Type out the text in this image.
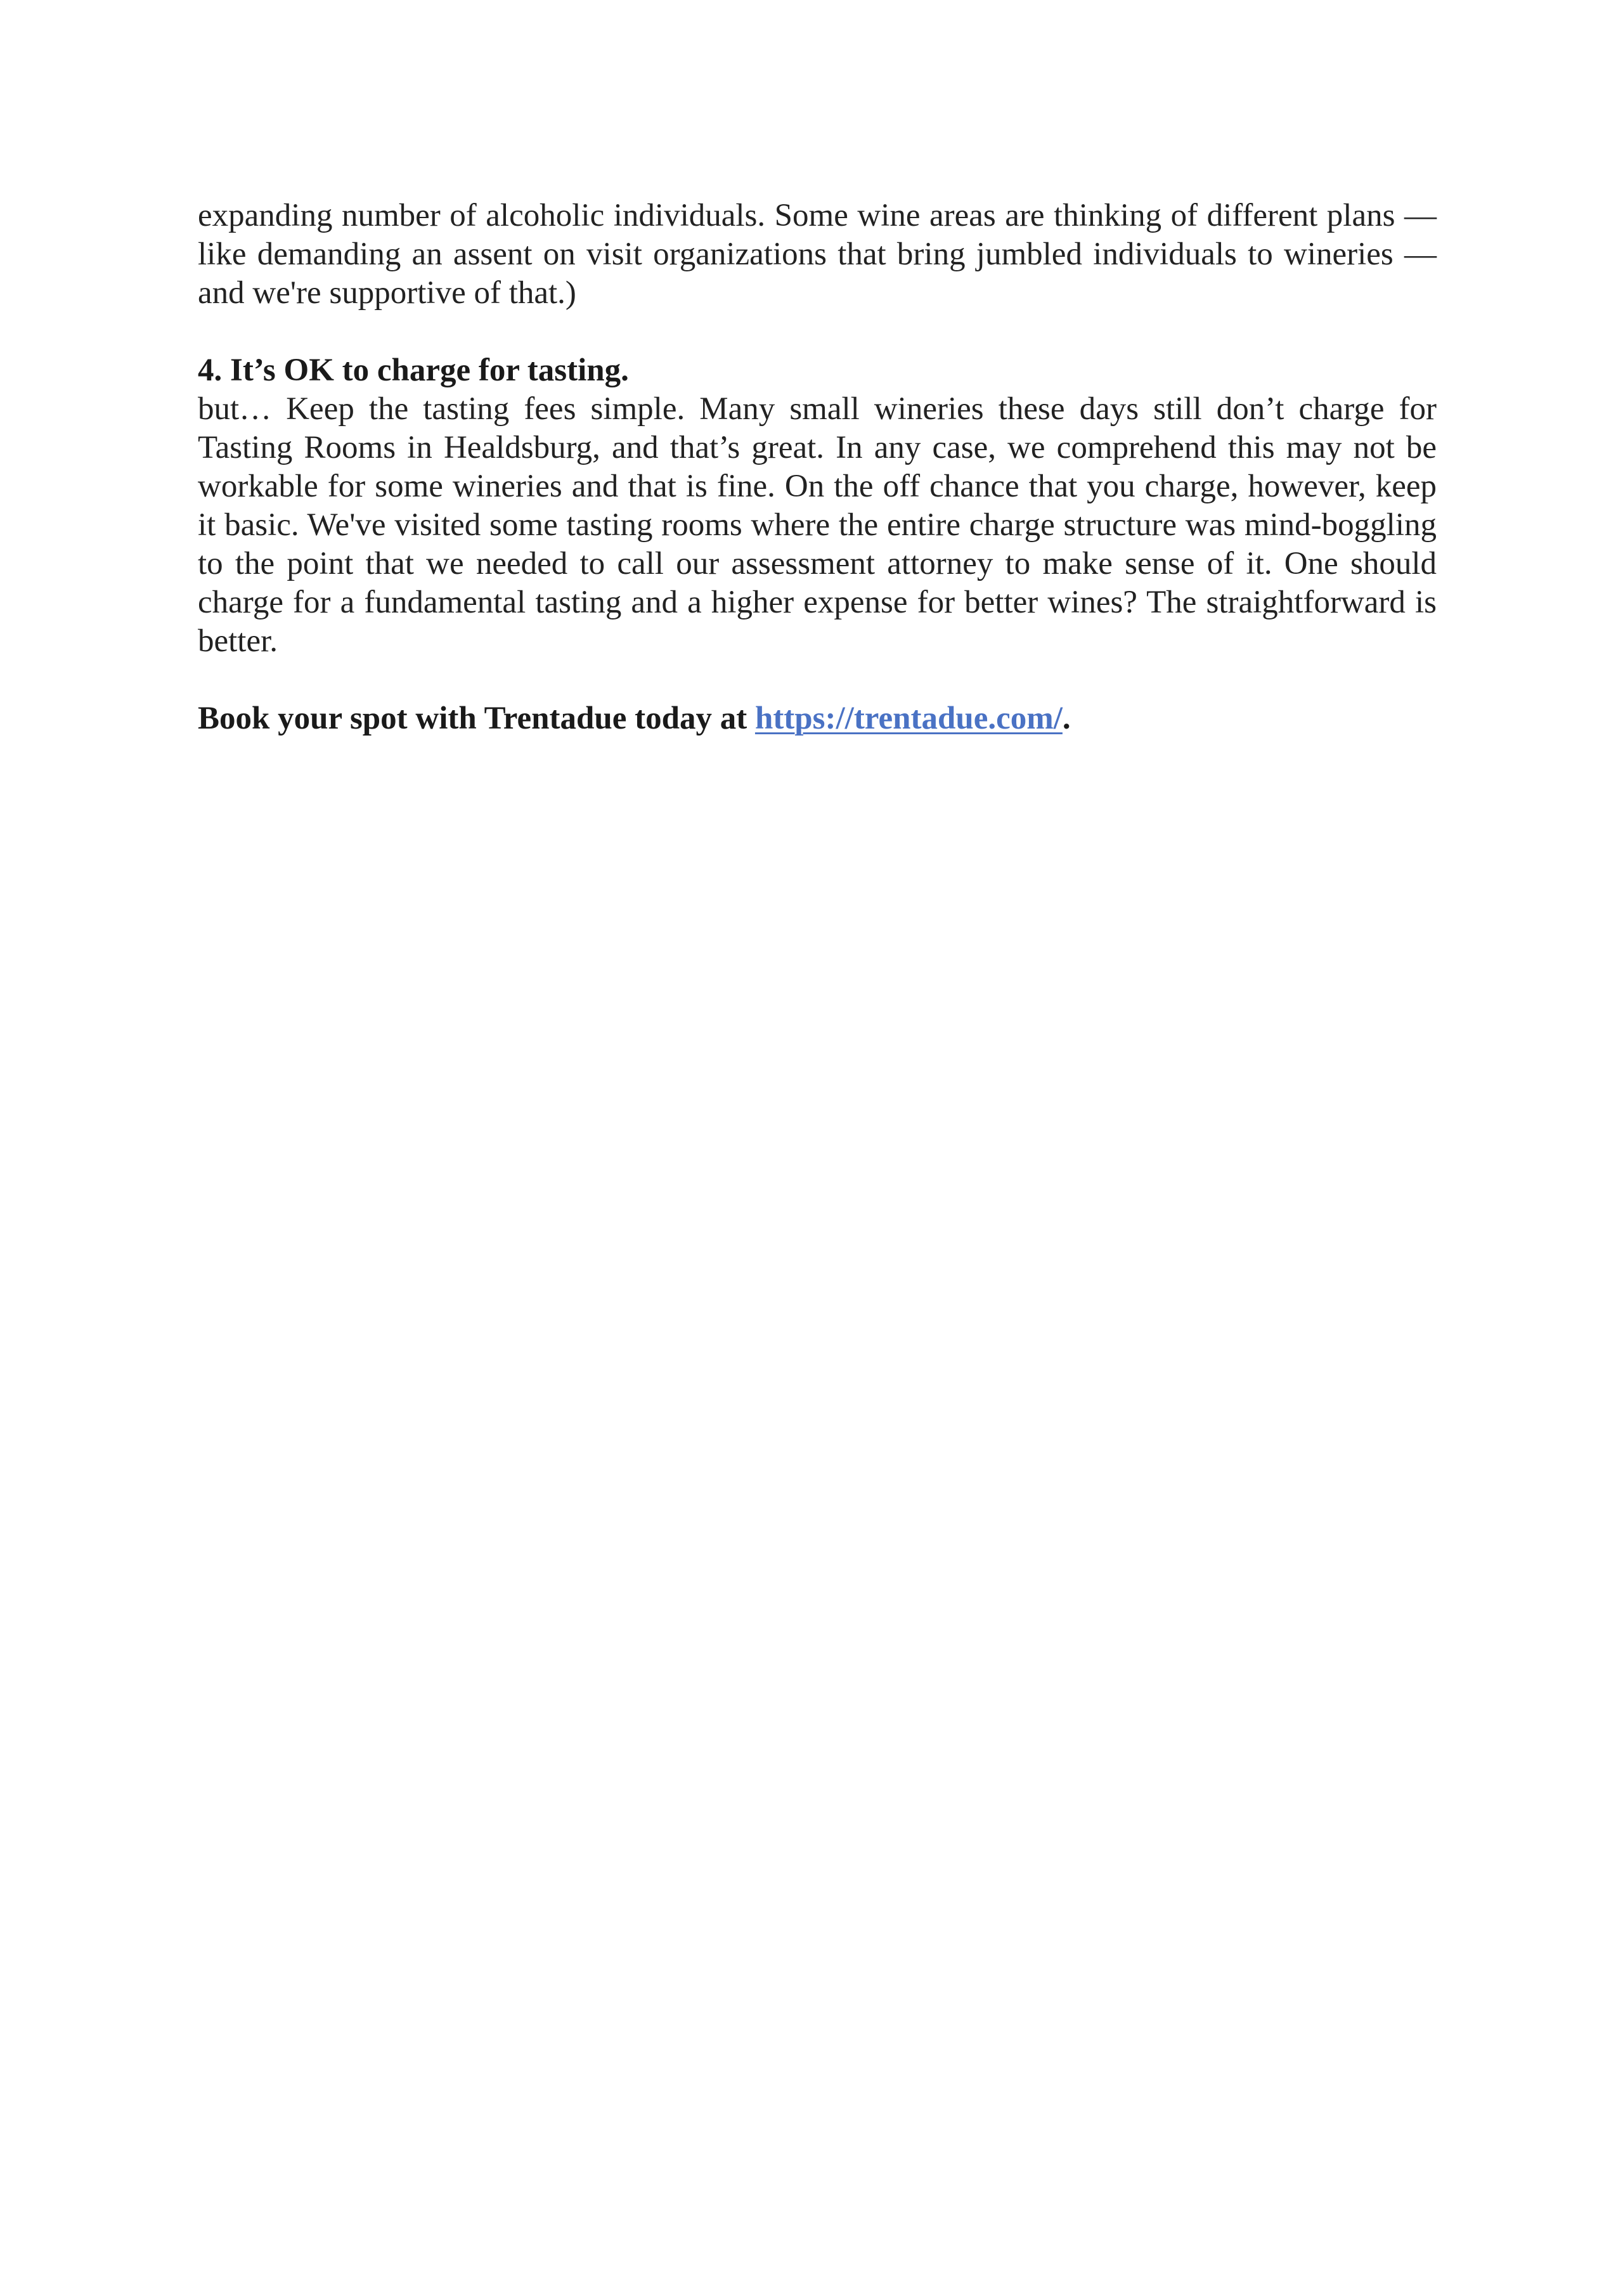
expanding number of alcoholic individuals. Some wine areas are thinking of different plans — like demanding an assent on visit organizations that bring jumbled individuals to wineries — and we're supportive of that.)

4. It’s OK to charge for tasting.

but… Keep the tasting fees simple. Many small wineries these days still don’t charge for Tasting Rooms in Healdsburg, and that’s great. In any case, we comprehend this may not be workable for some wineries and that is fine. On the off chance that you charge, however, keep it basic. We've visited some tasting rooms where the entire charge structure was mind-boggling to the point that we needed to call our assessment attorney to make sense of it. One should charge for a fundamental tasting and a higher expense for better wines? The straightforward is better.

Book your spot with Trentadue today at https://trentadue.com/.
